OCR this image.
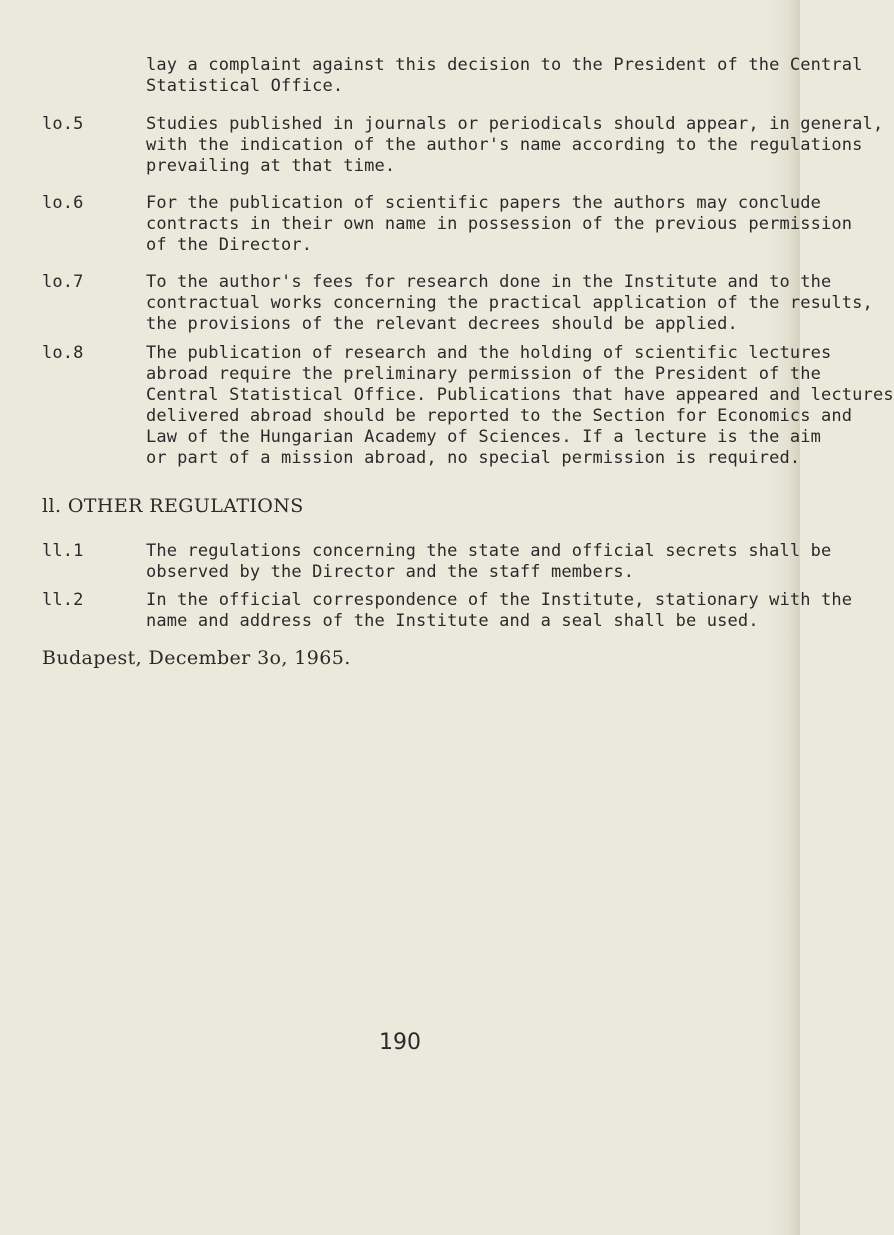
lay a complaint against this decision to the President of the Central
Statistical Office.
lo.5	Studies published in journals or periodicals should appear, in general,
with the indication of the author's name according to the regulations
prevailing at that time.
lo.6	For the publication of scientific papers the authors may conclude
contracts in their own name in possession of the previous permission
of the Director.
lo.7	To the author's fees for research done in the Institute and to the
contractual works concerning the practical application of the results,
the provisions of the relevant decrees should be applied.
lo.8	The publication of research and the holding of scientific lectures
abroad require the preliminary permission of the President of the
Central Statistical Office. Publications that have appeared and lectures
delivered abroad should be reported to the Section for Economics and
Law of the Hungarian Academy of Sciences. If a lecture is the aim
or part of a mission abroad, no special permission is required.
ll. OTHER REGULATIONS
ll.1	The regulations concerning the state and official secrets shall be
observed by the Director and the staff members.
ll.2	In the official correspondence of the Institute, stationary with the
name and address of the Institute and a seal shall be used.
Budapest, December 3o, 1965.
190
